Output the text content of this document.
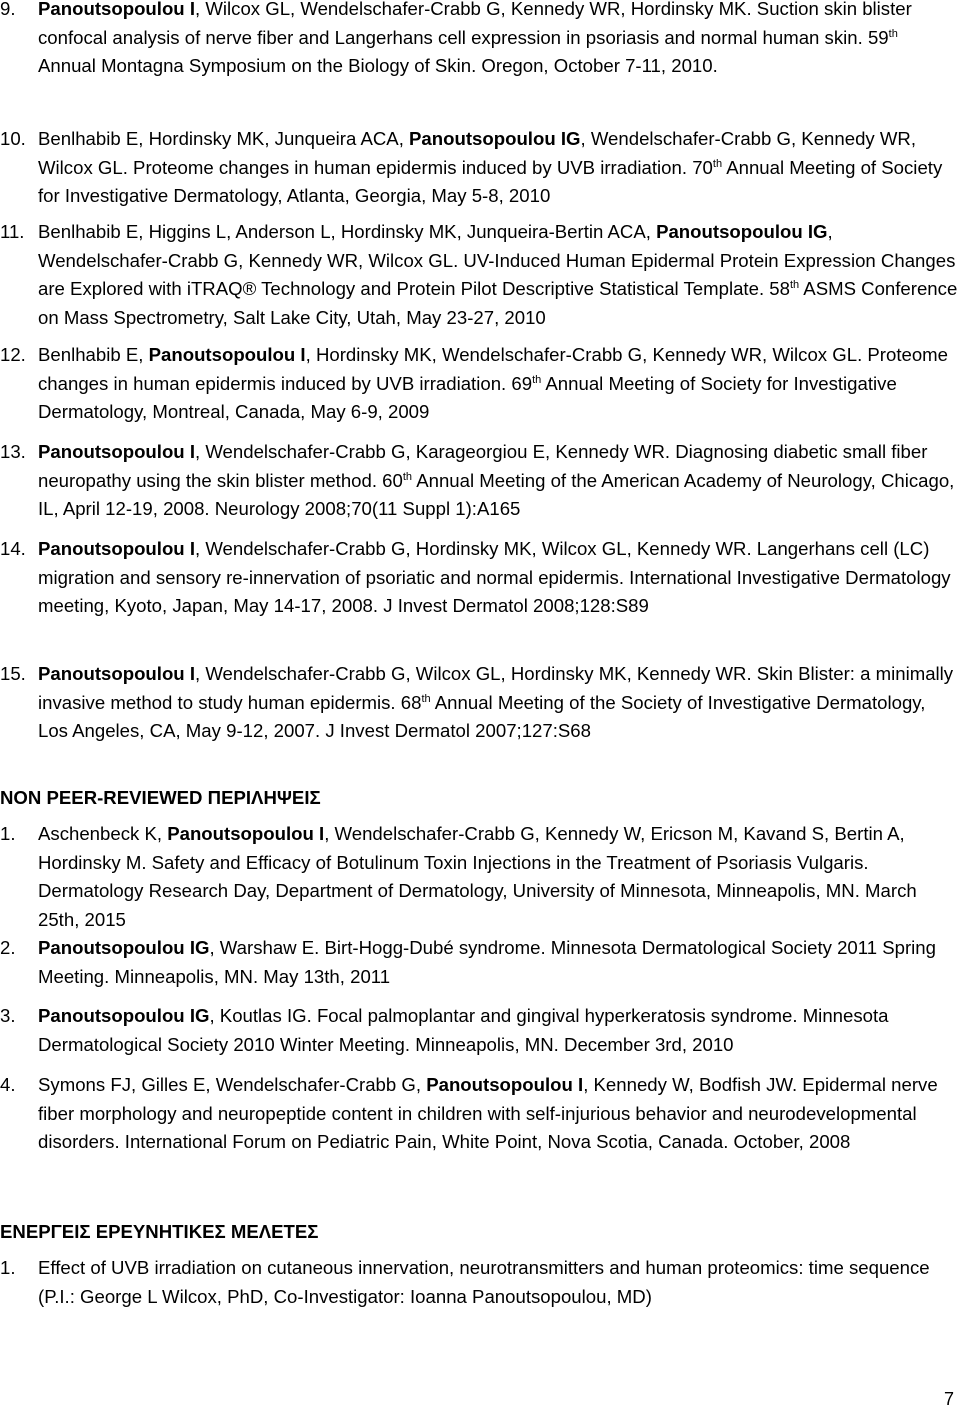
9. Panoutsopoulou I, Wilcox GL, Wendelschafer-Crabb G, Kennedy WR, Hordinsky MK. Suction skin blister confocal analysis of nerve fiber and Langerhans cell expression in psoriasis and normal human skin. 59th Annual Montagna Symposium on the Biology of Skin. Oregon, October 7-11, 2010.
10. Benlhabib E, Hordinsky MK, Junqueira ACA, Panoutsopoulou IG, Wendelschafer-Crabb G, Kennedy WR, Wilcox GL. Proteome changes in human epidermis induced by UVB irradiation. 70th Annual Meeting of Society for Investigative Dermatology, Atlanta, Georgia, May 5-8, 2010
11. Benlhabib E, Higgins L, Anderson L, Hordinsky MK, Junqueira-Bertin ACA, Panoutsopoulou IG, Wendelschafer-Crabb G, Kennedy WR, Wilcox GL. UV-Induced Human Epidermal Protein Expression Changes are Explored with iTRAQ® Technology and Protein Pilot Descriptive Statistical Template. 58th ASMS Conference on Mass Spectrometry, Salt Lake City, Utah, May 23-27, 2010
12. Benlhabib E, Panoutsopoulou I, Hordinsky MK, Wendelschafer-Crabb G, Kennedy WR, Wilcox GL. Proteome changes in human epidermis induced by UVB irradiation. 69th Annual Meeting of Society for Investigative Dermatology, Montreal, Canada, May 6-9, 2009
13. Panoutsopoulou I, Wendelschafer-Crabb G, Karageorgiou E, Kennedy WR. Diagnosing diabetic small fiber neuropathy using the skin blister method. 60th Annual Meeting of the American Academy of Neurology, Chicago, IL, April 12-19, 2008. Neurology 2008;70(11 Suppl 1):A165
14. Panoutsopoulou I, Wendelschafer-Crabb G, Hordinsky MK, Wilcox GL, Kennedy WR. Langerhans cell (LC) migration and sensory re-innervation of psoriatic and normal epidermis. International Investigative Dermatology meeting, Kyoto, Japan, May 14-17, 2008. J Invest Dermatol 2008;128:S89
15. Panoutsopoulou I, Wendelschafer-Crabb G, Wilcox GL, Hordinsky MK, Kennedy WR. Skin Blister: a minimally invasive method to study human epidermis. 68th Annual Meeting of the Society of Investigative Dermatology, Los Angeles, CA, May 9-12, 2007. J Invest Dermatol 2007;127:S68
NON PEER-REVIEWED ΠΕΡΙΛΗΨΕΙΣ
1. Aschenbeck K, Panoutsopoulou I, Wendelschafer-Crabb G, Kennedy W, Ericson M, Kavand S, Bertin A, Hordinsky M. Safety and Efficacy of Botulinum Toxin Injections in the Treatment of Psoriasis Vulgaris. Dermatology Research Day, Department of Dermatology, University of Minnesota, Minneapolis, MN. March 25th, 2015
2. Panoutsopoulou IG, Warshaw E. Birt-Hogg-Dubé syndrome. Minnesota Dermatological Society 2011 Spring Meeting. Minneapolis, MN. May 13th, 2011
3. Panoutsopoulou IG, Koutlas IG. Focal palmoplantar and gingival hyperkeratosis syndrome. Minnesota Dermatological Society 2010 Winter Meeting. Minneapolis, MN. December 3rd, 2010
4. Symons FJ, Gilles E, Wendelschafer-Crabb G, Panoutsopoulou I, Kennedy W, Bodfish JW. Epidermal nerve fiber morphology and neuropeptide content in children with self-injurious behavior and neurodevelopmental disorders. International Forum on Pediatric Pain, White Point, Nova Scotia, Canada. October, 2008
ΕΝΕΡΓΕΙΣ ΕΡΕΥΝΗΤΙΚΕΣ ΜΕΛΕΤΕΣ
1. Effect of UVB irradiation on cutaneous innervation, neurotransmitters and human proteomics: time sequence (P.I.: George L Wilcox, PhD, Co-Investigator: Ioanna Panoutsopoulou, MD)
7
